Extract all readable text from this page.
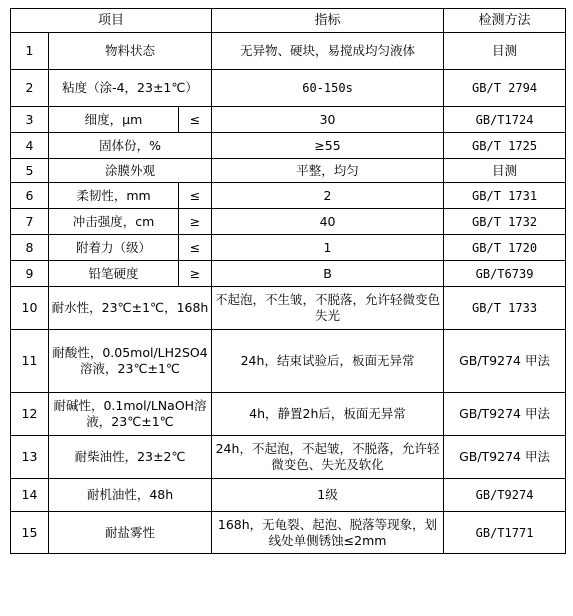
项目			指标	检测方法
1	物料状态		无异物、硬块，易搅成均匀液体	目测
2	粘度（涂-4，23±1℃）		60-150s	GB/T 2794
3	细度，μm	≤	30	GB/T1724
4	固体份，%		≥55	GB/T 1725
5	涂膜外观		平整，均匀	目测
6	柔韧性，mm	≤	2	GB/T 1731
7	冲击强度，cm	≥	40	GB/T 1732
8	附着力（级）	≤	1	GB/T 1720
9	铅笔硬度	≥	B	GB/T6739
10	耐水性，23℃±1℃，168h		不起泡，不生皱，不脱落，允许轻微变色失光	GB/T 1733
11	耐酸性，0.05mol/LH2SO4溶液，23℃±1℃		24h，结束试验后，板面无异常	GB/T9274 甲法
12	耐碱性，0.1mol/LNaOH溶液，23℃±1℃		4h，静置2h后，板面无异常	GB/T9274 甲法
13	耐柴油性，23±2℃		24h，不起泡，不起皱，不脱落，允许轻微变色、失光及软化	GB/T9274 甲法
14	耐机油性，48h		1级	GB/T9274
15	耐盐雾性		168h，无龟裂、起泡、脱落等现象，划线处单侧锈蚀≤2mm	GB/T1771
